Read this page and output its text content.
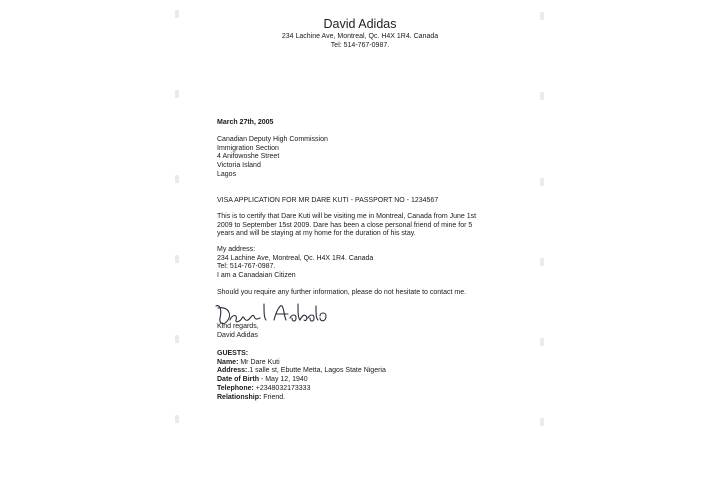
David Adidas
234 Lachine Ave, Montreal, Qc. H4X 1R4. Canada
Tel: 514-767-0987.
March 27th, 2005
Canadian Deputy High Commission
Immigration Section
4 Anifowoshe Street
Victoria Island
Lagos
VISA APPLICATION FOR MR DARE KUTI - PASSPORT NO - 1234567
This is to certify that Dare Kuti will be visiting me in Montreal, Canada from June 1st
2009 to September 15st 2009. Dare has been a close personal friend of mine for 5
years and will be staying at my home for the duration of his stay.
My address:
234 Lachine Ave, Montreal, Qc. H4X 1R4. Canada
Tel: 514-767-0987.
I am a Canadaian Citizen
Should you require any further information, please do not hesitate to contact me.
Kind regards,
David Adidas
GUESTS:
Name: Mr Dare Kuti
Address:.1 salle st, Ebutte Metta, Lagos State Nigeria
Date of Birth - May 12, 1940
Telephone: +2348032173333
Relationship: Friend.
